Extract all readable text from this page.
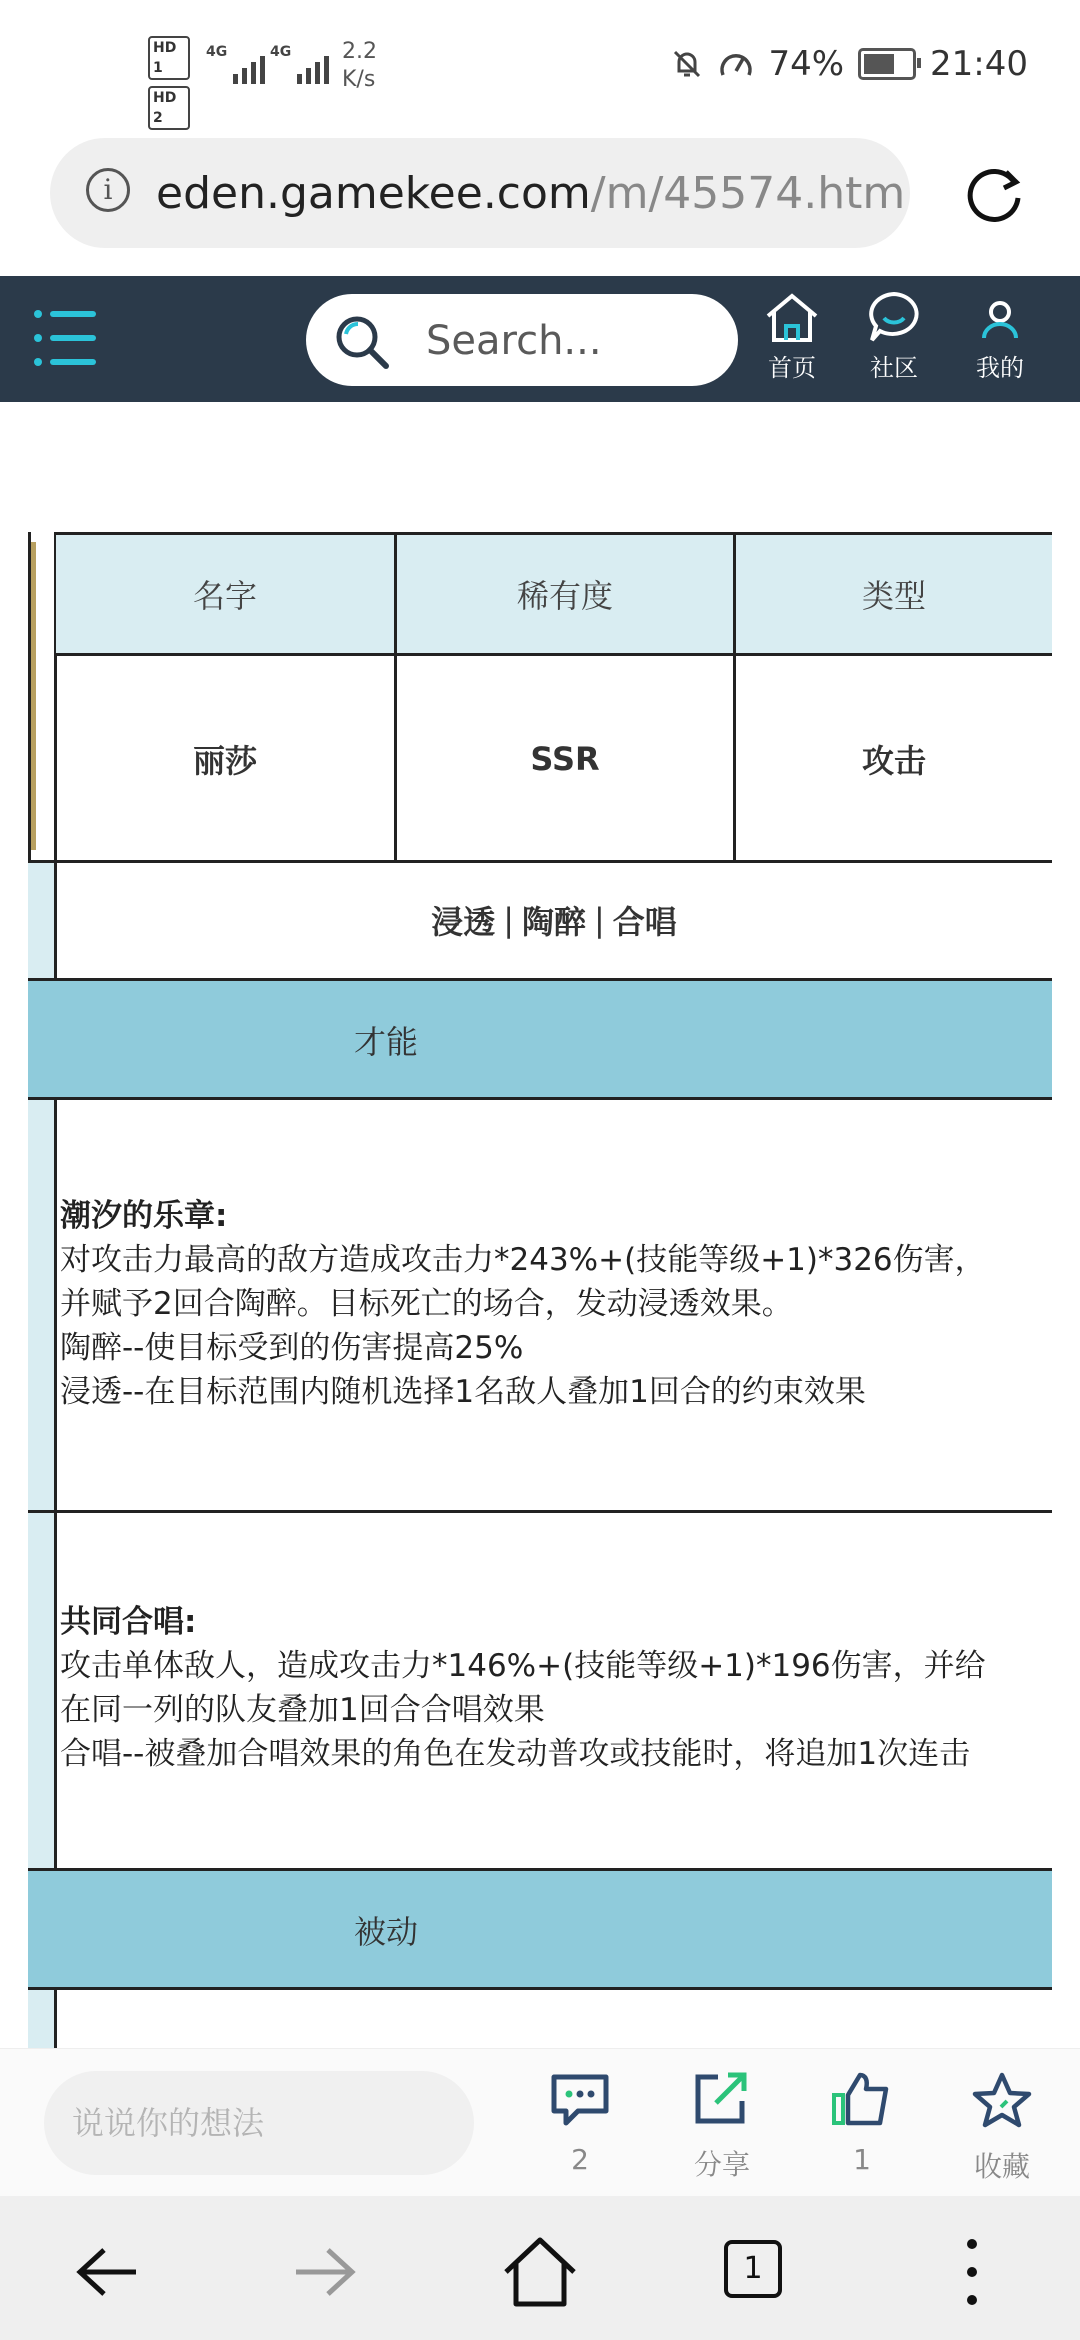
HD 1
HD 2
4G	4G 2.2
K/s	74%	21:40
i eden.gamekee.com/m/45574.htm
Search...
首页	社区	我的
名字	稀有度	类型
丽莎	SSR	攻击
浸透 | 陶醉 | 合唱
才能
潮汐的乐章:
对攻击力最高的敌方造成攻击力*243%+(技能等级+1)*326伤害，
并赋予2回合陶醉。目标死亡的场合，发动浸透效果。
陶醉--使目标受到的伤害提高25%
浸透--在目标范围内随机选择1名敌人叠加1回合的约束效果
共同合唱:
攻击单体敌人，造成攻击力*146%+(技能等级+1)*196伤害，并给
在同一列的队友叠加1回合合唱效果
合唱--被叠加合唱效果的角色在发动普攻或技能时，将追加1次连击
被动
说说你的想法
2	分享	1	收藏
1
